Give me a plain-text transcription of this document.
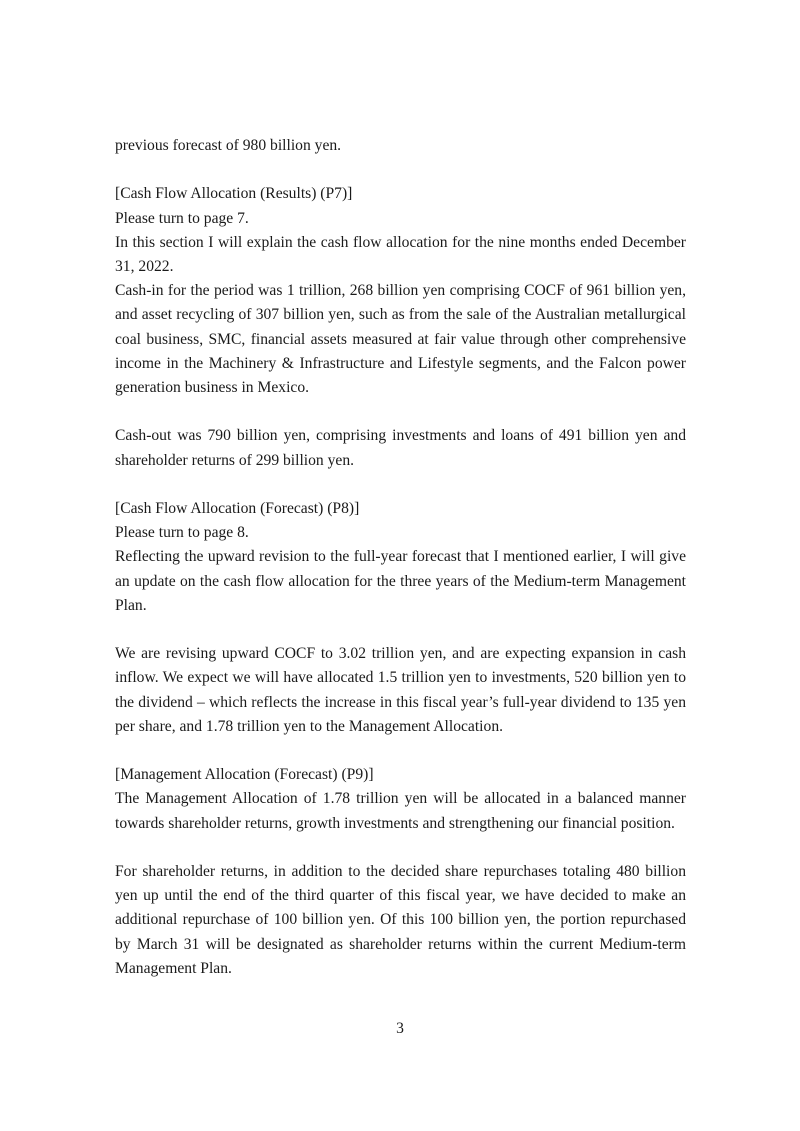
previous forecast of 980 billion yen.

[Cash Flow Allocation (Results) (P7)]

Please turn to page 7.

In this section I will explain the cash flow allocation for the nine months ended December 31, 2022.

Cash-in for the period was 1 trillion, 268 billion yen comprising COCF of 961 billion yen, and asset recycling of 307 billion yen, such as from the sale of the Australian metallurgical coal business, SMC, financial assets measured at fair value through other comprehensive income in the Machinery & Infrastructure and Lifestyle segments, and the Falcon power generation business in Mexico.

Cash-out was 790 billion yen, comprising investments and loans of 491 billion yen and shareholder returns of 299 billion yen.

[Cash Flow Allocation (Forecast) (P8)]

Please turn to page 8.

Reflecting the upward revision to the full-year forecast that I mentioned earlier, I will give an update on the cash flow allocation for the three years of the Medium-term Management Plan.

We are revising upward COCF to 3.02 trillion yen, and are expecting expansion in cash inflow. We expect we will have allocated 1.5 trillion yen to investments, 520 billion yen to the dividend – which reflects the increase in this fiscal year’s full-year dividend to 135 yen per share, and 1.78 trillion yen to the Management Allocation.

[Management Allocation (Forecast) (P9)]

The Management Allocation of 1.78 trillion yen will be allocated in a balanced manner towards shareholder returns, growth investments and strengthening our financial position.

For shareholder returns, in addition to the decided share repurchases totaling 480 billion yen up until the end of the third quarter of this fiscal year, we have decided to make an additional repurchase of 100 billion yen. Of this 100 billion yen, the portion repurchased by March 31 will be designated as shareholder returns within the current Medium-term Management Plan.

3
